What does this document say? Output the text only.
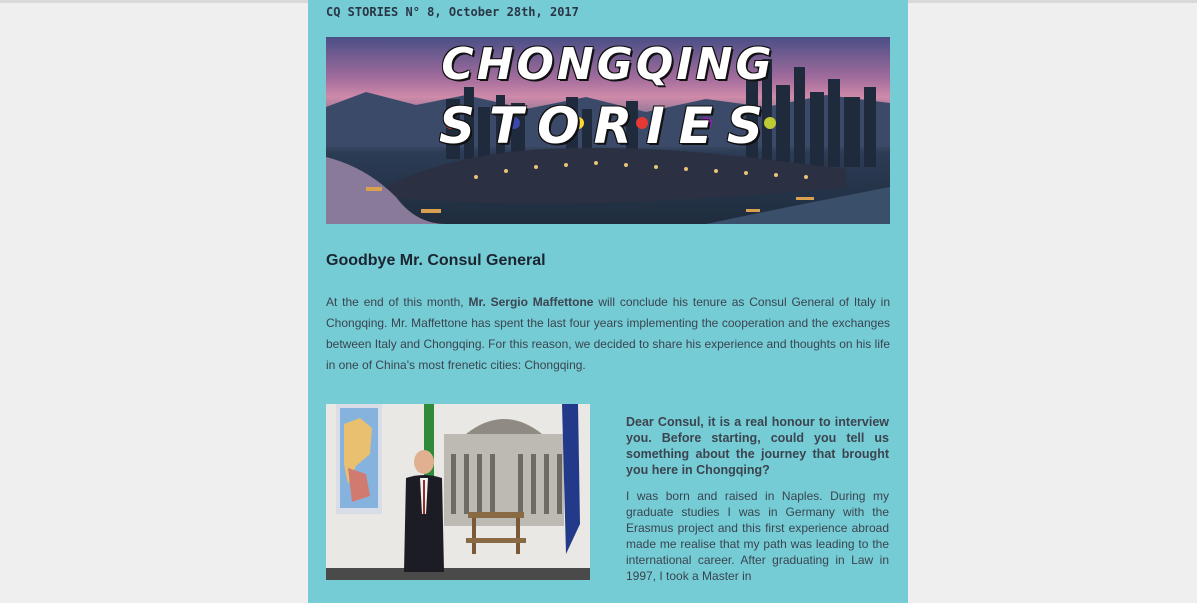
CQ STORIES N° 8, October 28th, 2017
CHONGQING
STORIES
Goodbye Mr. Consul General
At the end of this month, Mr. Sergio Maffettone will conclude his tenure as Consul General of Italy in Chongqing. Mr. Maffettone has spent the last four years implementing the cooperation and the exchanges between Italy and Chongqing. For this reason, we decided to share his experience and thoughts on his life in one of China's most frenetic cities: Chongqing.
Dear Consul, it is a real honour to interview you. Before starting, could you tell us something about the journey that brought you here in Chongqing?
I was born and raised in Naples. During my graduate studies I was in Germany with the Erasmus project and this first experience abroad made me realise that my path was leading to the international career. After graduating in Law in 1997, I took a Master in
